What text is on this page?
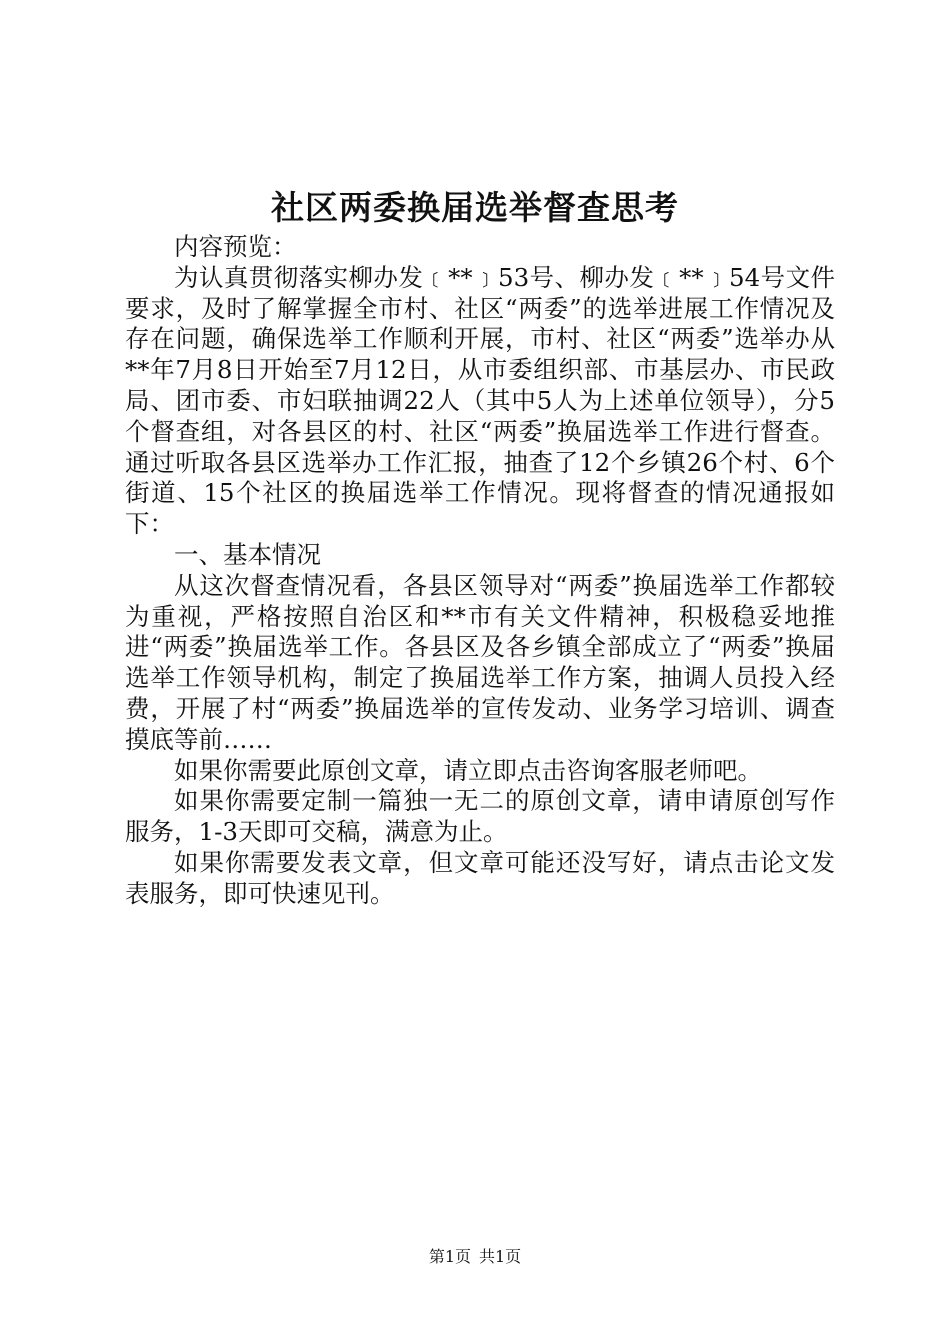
社区两委换届选举督查思考

内容预览：

为认真贯彻落实柳办发﹝**﹞53号、柳办发﹝**﹞54号文件要求，及时了解掌握全市村、社区“两委”的选举进展工作情况及存在问题，确保选举工作顺利开展，市村、社区“两委”选举办从**年7月8日开始至7月12日，从市委组织部、市基层办、市民政局、团市委、市妇联抽调22人（其中5人为上述单位领导），分5个督查组，对各县区的村、社区“两委”换届选举工作进行督查。通过听取各县区选举办工作汇报，抽查了12个乡镇26个村、6个街道、15个社区的换届选举工作情况。现将督查的情况通报如下：

一、基本情况

从这次督查情况看，各县区领导对“两委”换届选举工作都较为重视，严格按照自治区和**市有关文件精神，积极稳妥地推进“两委”换届选举工作。各县区及各乡镇全部成立了“两委”换届选举工作领导机构，制定了换届选举工作方案，抽调人员投入经费，开展了村“两委”换届选举的宣传发动、业务学习培训、调查摸底等前……

如果你需要此原创文章，请立即点击咨询客服老师吧。

如果你需要定制一篇独一无二的原创文章，请申请原创写作服务，1-3天即可交稿，满意为止。

如果你需要发表文章，但文章可能还没写好，请点击论文发表服务，即可快速见刊。

第1页 共1页
